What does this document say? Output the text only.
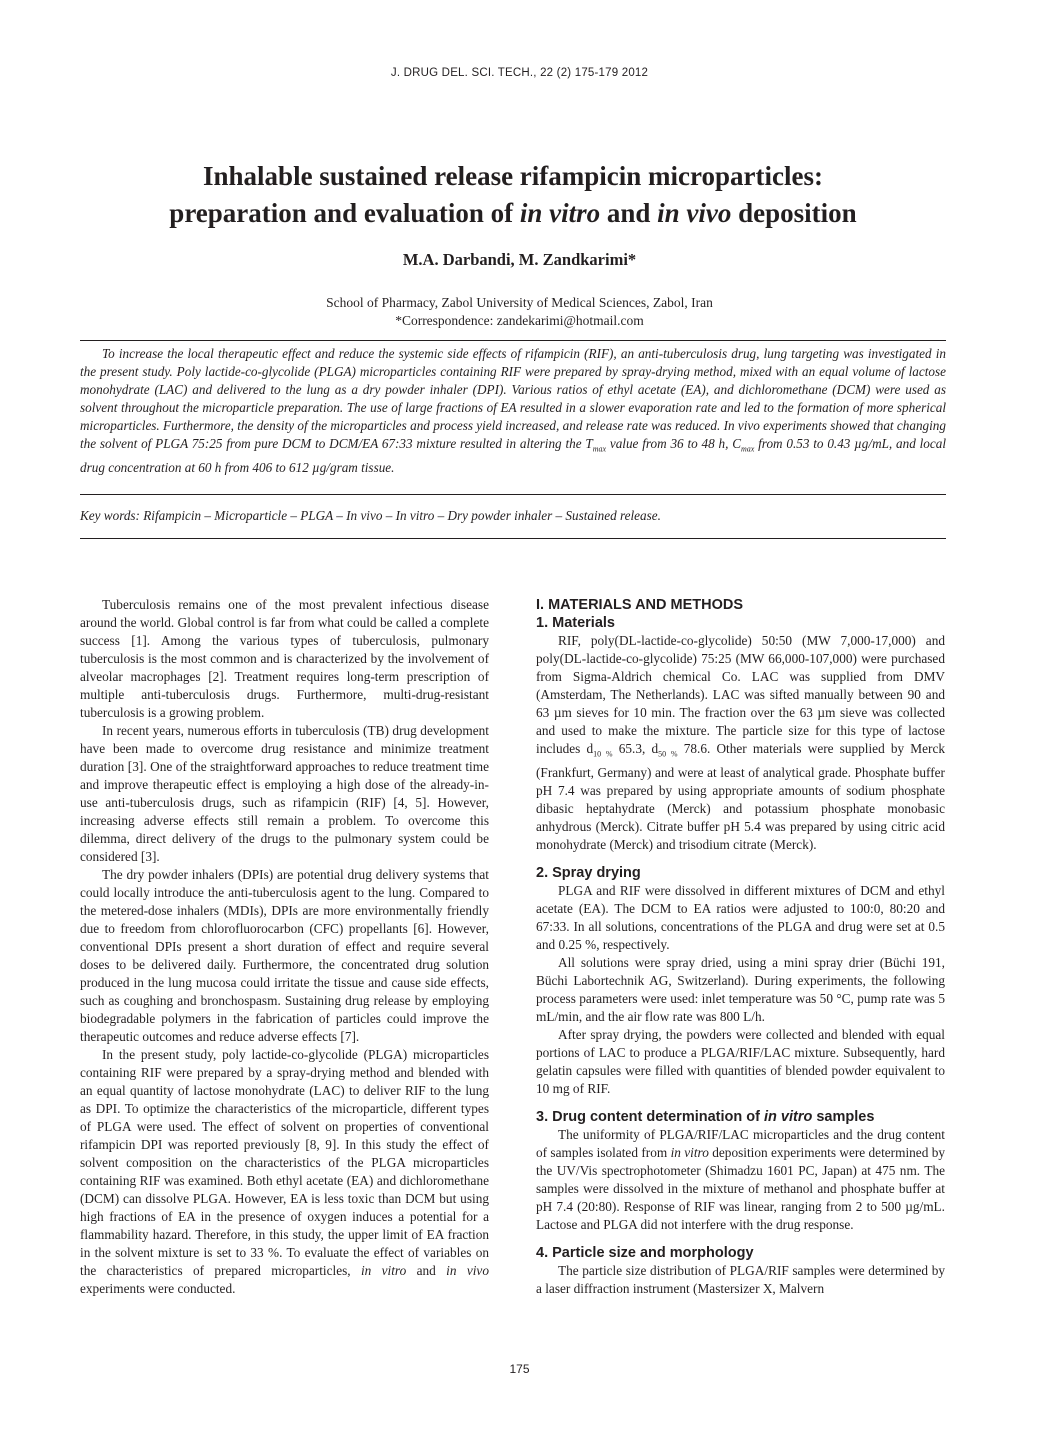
J. DRUG DEL. SCI. TECH., 22 (2) 175-179 2012
Inhalable sustained release rifampicin microparticles:
preparation and evaluation of in vitro and in vivo deposition
M.A. Darbandi, M. Zandkarimi*
School of Pharmacy, Zabol University of Medical Sciences, Zabol, Iran
*Correspondence: zandekarimi@hotmail.com

To increase the local therapeutic effect and reduce the systemic side effects of rifampicin (RIF), an anti-tuberculosis drug, lung targeting was investigated in the present study. Poly lactide-co-glycolide (PLGA) microparticles containing RIF were prepared by spray-drying method, mixed with an equal volume of lactose monohydrate (LAC) and delivered to the lung as a dry powder inhaler (DPI). Various ratios of ethyl acetate (EA), and dichloromethane (DCM) were used as solvent throughout the microparticle preparation. The use of large fractions of EA resulted in a slower evaporation rate and led to the formation of more spherical microparticles. Furthermore, the density of the microparticles and process yield increased, and release rate was reduced. In vivo experiments showed that changing the solvent of PLGA 75:25 from pure DCM to DCM/EA 67:33 mixture resulted in altering the $T_{max}$ value from 36 to 48 h, $C_{max}$ from 0.53 to 0.43 µg/mL, and local drug concentration at 60 h from 406 to 612 µg/gram tissue.

Key words: Rifampicin – Microparticle – PLGA – In vivo – In vitro – Dry powder inhaler – Sustained release.

Tuberculosis remains one of the most prevalent infectious disease around the world. Global control is far from what could be called a complete success [1]. Among the various types of tuberculosis, pulmonary tuberculosis is the most common and is characterized by the involvement of alveolar macrophages [2]. Treatment requires long-term prescription of multiple anti-tuberculosis drugs. Furthermore, multi-drug-resistant tuberculosis is a growing problem.

In recent years, numerous efforts in tuberculosis (TB) drug development have been made to overcome drug resistance and minimize treatment duration [3]. One of the straightforward approaches to reduce treatment time and improve therapeutic effect is employing a high dose of the already-in-use anti-tuberculosis drugs, such as rifampicin (RIF) [4, 5]. However, increasing adverse effects still remain a problem. To overcome this dilemma, direct delivery of the drugs to the pulmonary system could be considered [3].

The dry powder inhalers (DPIs) are potential drug delivery systems that could locally introduce the anti-tuberculosis agent to the lung. Compared to the metered-dose inhalers (MDIs), DPIs are more environmentally friendly due to freedom from chlorofluorocarbon (CFC) propellants [6]. However, conventional DPIs present a short duration of effect and require several doses to be delivered daily. Furthermore, the concentrated drug solution produced in the lung mucosa could irritate the tissue and cause side effects, such as coughing and bronchospasm. Sustaining drug release by employing biodegradable polymers in the fabrication of particles could improve the therapeutic outcomes and reduce adverse effects [7].

In the present study, poly lactide-co-glycolide (PLGA) microparticles containing RIF were prepared by a spray-drying method and blended with an equal quantity of lactose monohydrate (LAC) to deliver RIF to the lung as DPI. To optimize the characteristics of the microparticle, different types of PLGA were used. The effect of solvent on properties of conventional rifampicin DPI was reported previously [8, 9]. In this study the effect of solvent composition on the characteristics of the PLGA microparticles containing RIF was examined. Both ethyl acetate (EA) and dichloromethane (DCM) can dissolve PLGA. However, EA is less toxic than DCM but using high fractions of EA in the presence of oxygen induces a potential for a flammability hazard. Therefore, in this study, the upper limit of EA fraction in the solvent mixture is set to 33 %. To evaluate the effect of variables on the characteristics of prepared microparticles, in vitro and in vivo experiments were conducted.

I. MATERIALS AND METHODS
1. Materials

RIF, poly(DL-lactide-co-glycolide) 50:50 (MW 7,000-17,000) and poly(DL-lactide-co-glycolide) 75:25 (MW 66,000-107,000) were purchased from Sigma-Aldrich chemical Co. LAC was supplied from DMV (Amsterdam, The Netherlands). LAC was sifted manually between 90 and 63 µm sieves for 10 min. The fraction over the 63 µm sieve was collected and used to make the mixture. The particle size for this type of lactose includes $d_{10 \%}$ 65.3, $d_{50 \%}$ 78.6. Other materials were supplied by Merck (Frankfurt, Germany) and were at least of analytical grade. Phosphate buffer pH 7.4 was prepared by using appropriate amounts of sodium phosphate dibasic heptahydrate (Merck) and potassium phosphate monobasic anhydrous (Merck). Citrate buffer pH 5.4 was prepared by using citric acid monohydrate (Merck) and trisodium citrate (Merck).

2. Spray drying

PLGA and RIF were dissolved in different mixtures of DCM and ethyl acetate (EA). The DCM to EA ratios were adjusted to 100:0, 80:20 and 67:33. In all solutions, concentrations of the PLGA and drug were set at 0.5 and 0.25 %, respectively.

All solutions were spray dried, using a mini spray drier (Büchi 191, Büchi Labortechnik AG, Switzerland). During experiments, the following process parameters were used: inlet temperature was 50 °C, pump rate was 5 mL/min, and the air flow rate was 800 L/h.

After spray drying, the powders were collected and blended with equal portions of LAC to produce a PLGA/RIF/LAC mixture. Subsequently, hard gelatin capsules were filled with quantities of blended powder equivalent to 10 mg of RIF.

3. Drug content determination of in vitro samples

The uniformity of PLGA/RIF/LAC microparticles and the drug content of samples isolated from in vitro deposition experiments were determined by the UV/Vis spectrophotometer (Shimadzu 1601 PC, Japan) at 475 nm. The samples were dissolved in the mixture of methanol and phosphate buffer at pH 7.4 (20:80). Response of RIF was linear, ranging from 2 to 500 µg/mL. Lactose and PLGA did not interfere with the drug response.

4. Particle size and morphology

The particle size distribution of PLGA/RIF samples were determined by a laser diffraction instrument (Mastersizer X, Malvern

175
